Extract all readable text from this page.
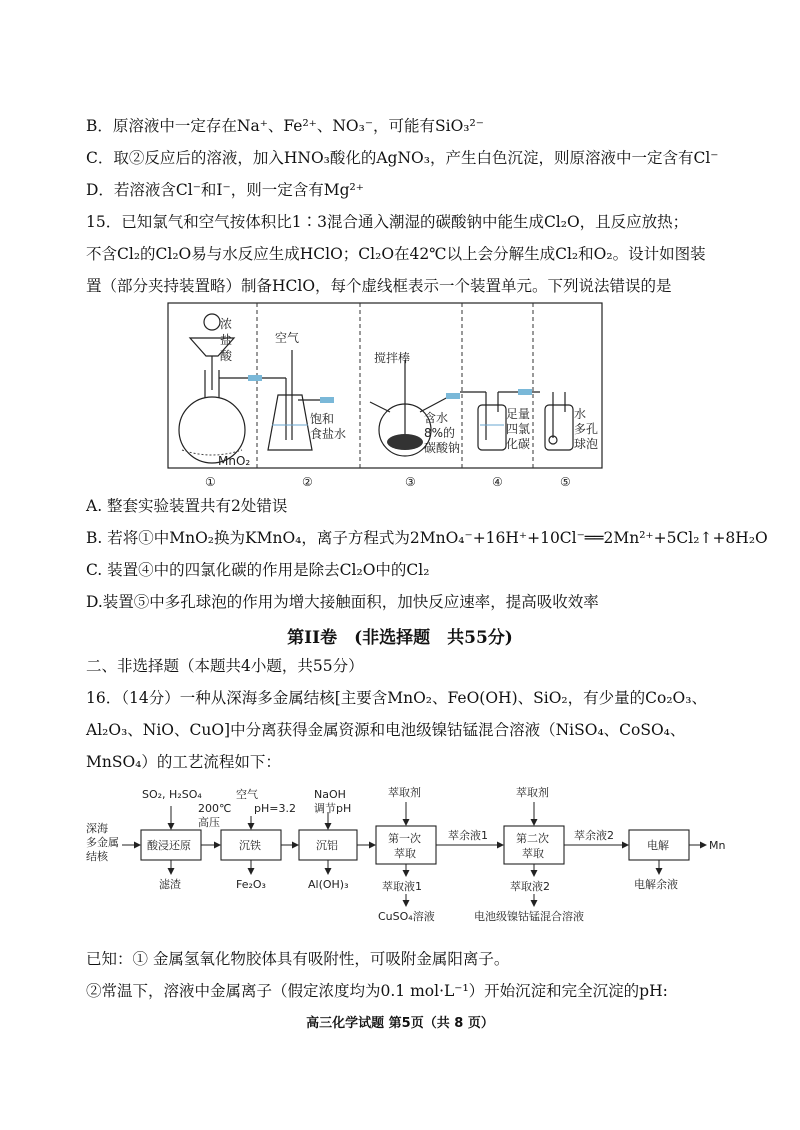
B．原溶液中一定存在Na⁺、Fe²⁺、NO₃⁻，可能有SiO₃²⁻
C．取②反应后的溶液，加入HNO₃酸化的AgNO₃，产生白色沉淀，则原溶液中一定含有Cl⁻
D．若溶液含Cl⁻和I⁻，则一定含有Mg²⁺
15．已知氯气和空气按体积比1∶3混合通入潮湿的碳酸钠中能生成Cl₂O，且反应放热；
不含Cl₂的Cl₂O易与水反应生成HClO；Cl₂O在42℃以上会分解生成Cl₂和O₂。设计如图装
置（部分夹持装置略）制备HClO，每个虚线框表示一个装置单元。下列说法错误的是
浓
盐
酸
MnO₂
空气
饱和
食盐水
搅拌棒
含水
8%的
碳酸钠
足量
四氯
化碳
水
多孔
球泡
①	②	③	④	⑤
A. 整套实验装置共有2处错误
B. 若将①中MnO₂换为KMnO₄，离子方程式为2MnO₄⁻+16H⁺+10Cl⁻══2Mn²⁺+5Cl₂↑+8H₂O
C. 装置④中的四氯化碳的作用是除去Cl₂O中的Cl₂
D.装置⑤中多孔球泡的作用为增大接触面积，加快反应速率，提高吸收效率
第II卷　(非选择题　共55分)
二、非选择题（本题共4小题，共55分）
16．（14分）一种从深海多金属结核[主要含MnO₂、FeO(OH)、SiO₂，有少量的Co₂O₃、
Al₂O₃、NiO、CuO]中分离获得金属资源和电池级镍钴锰混合溶液（NiSO₄、CoSO₄、
MnSO₄）的工艺流程如下：
深海
多金属
结核
SO₂, H₂SO₄	空气
200℃
高压
pH=3.2
NaOH
调节pH
萃取剂	萃取剂
酸浸还原	沉铁	沉铝
第一次
萃取
第二次
萃取
电解
萃余液1	萃余液2
Mn
滤渣	Fe₂O₃	Al(OH)₃	萃取液1
CuSO₄溶液
萃取液2
电池级镍钴锰混合溶液
电解余液
已知：① 金属氢氧化物胶体具有吸附性，可吸附金属阳离子。
②常温下，溶液中金属离子（假定浓度均为0.1 mol·L⁻¹）开始沉淀和完全沉淀的pH:
高三化学试题 第5页（共 8 页）
